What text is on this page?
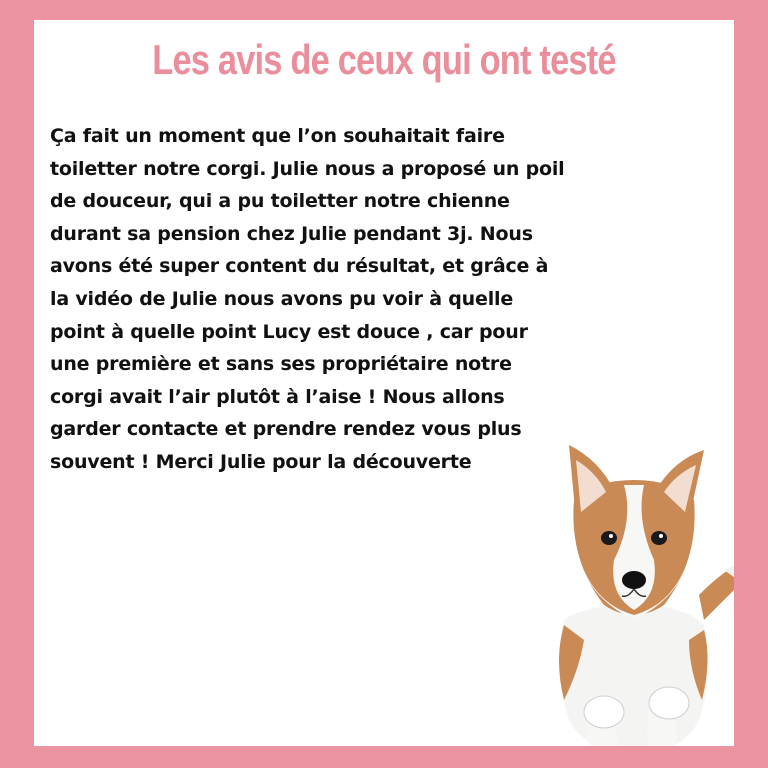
Les avis de ceux qui ont testé

Ça fait un moment que l’on souhaitait faire toiletter notre corgi. Julie nous a proposé un poil de douceur, qui a pu toiletter notre chienne durant sa pension chez Julie pendant 3j. Nous avons été super content du résultat, et grâce à la vidéo de Julie nous avons pu voir à quelle point à quelle point Lucy est douce , car pour une première et sans ses propriétaire notre corgi avait l’air plutôt à l’aise ! Nous allons garder contacte et prendre rendez vous plus souvent ! Merci Julie pour la découverte
